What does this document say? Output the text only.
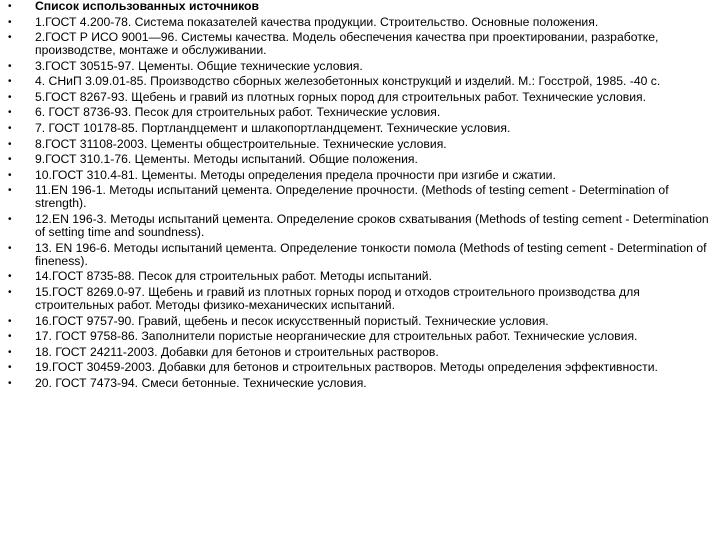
•	Список использованных источников
•	1.ГОСТ 4.200-78. Система показателей качества продукции. Строительство. Основные положения.
•	2.ГОСТ Р ИСО 9001—96. Системы качества. Модель обеспечения качества при проектировании, разработке, производстве, монтаже и обслуживании.
•	3.ГОСТ 30515-97. Цементы. Общие технические условия.
•	4. СНиП 3.09.01-85. Производство сборных железобетонных конструкций и изделий. М.: Госстрой, 1985. -40 с.
•	5.ГОСТ 8267-93. Щебень и гравий из плотных горных пород для строительных работ. Технические условия.
•	6. ГОСТ 8736-93. Песок для строительных работ. Технические условия.
•	7. ГОСТ 10178-85. Портландцемент и шлакопортландцемент. Технические условия.
•	8.ГОСТ 31108-2003. Цементы общестроительные. Технические условия.
•	9.ГОСТ 310.1-76. Цементы. Методы испытаний. Общие положения.
•	10.ГОСТ 310.4-81. Цементы. Методы определения предела прочности при изгибе и сжатии.
•	11.EN 196-1. Методы испытаний цемента. Определение прочности. (Methods of testing cement - Determination of strength).
•	12.EN 196-3. Методы испытаний цемента. Определение сроков схватывания (Methods of testing cement - Determination of setting time and soundness).
•	13. EN 196-6. Методы испытаний цемента. Определение тонкости помола (Methods of testing cement - Determination of fineness).
•	14.ГОСТ 8735-88. Песок для строительных работ. Методы испытаний.
•	15.ГОСТ 8269.0-97. Щебень и гравий из плотных горных пород и отходов строительного производства для строительных работ. Методы физико-механических испытаний.
•	16.ГОСТ 9757-90. Гравий, щебень и песок искусственный пористый. Технические условия.
•	17. ГОСТ 9758-86. Заполнители пористые неорганические для строительных работ. Технические условия.
•	18. ГОСТ 24211-2003. Добавки для бетонов и строительных растворов.
•	19.ГОСТ 30459-2003. Добавки для бетонов и строительных растворов. Методы определения эффективности.
•	20. ГОСТ 7473-94. Смеси бетонные. Технические условия.
